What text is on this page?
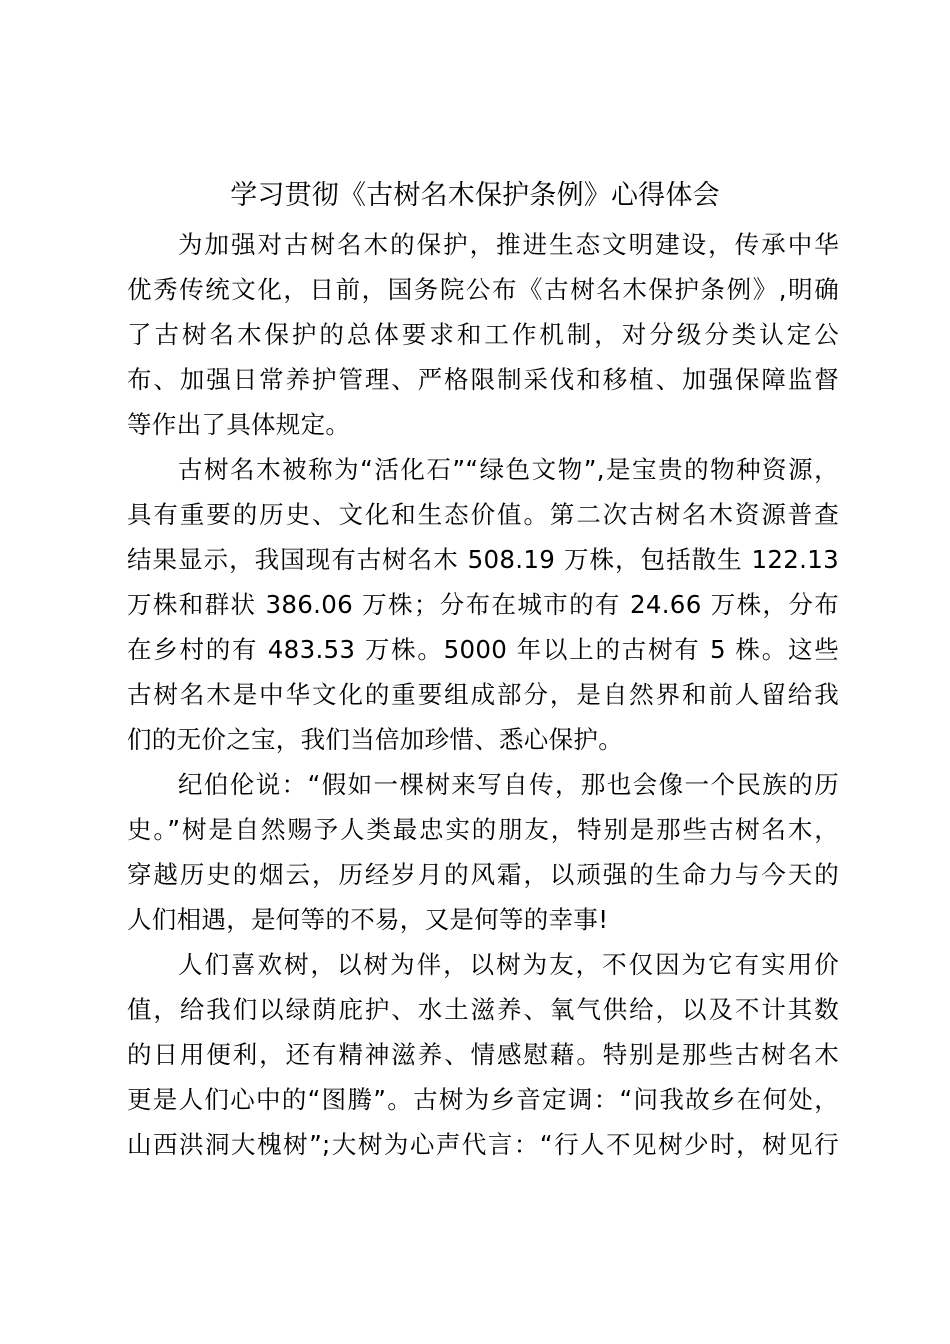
学习贯彻《古树名木保护条例》心得体会
为加强对古树名木的保护，推进生态文明建设，传承中华
优秀传统文化，日前，国务院公布《古树名木保护条例》,明确
了古树名木保护的总体要求和工作机制，对分级分类认定公
布、加强日常养护管理、严格限制采伐和移植、加强保障监督
等作出了具体规定。
古树名木被称为“活化石”“绿色文物”,是宝贵的物种资源，
具有重要的历史、文化和生态价值。第二次古树名木资源普查
结果显示，我国现有古树名木 508.19 万株，包括散生 122.13
万株和群状 386.06 万株；分布在城市的有 24.66 万株，分布
在乡村的有 483.53 万株。5000 年以上的古树有 5 株。这些
古树名木是中华文化的重要组成部分，是自然界和前人留给我
们的无价之宝，我们当倍加珍惜、悉心保护。
纪伯伦说：“假如一棵树来写自传，那也会像一个民族的历
史。”树是自然赐予人类最忠实的朋友，特别是那些古树名木，
穿越历史的烟云，历经岁月的风霜，以顽强的生命力与今天的
人们相遇，是何等的不易，又是何等的幸事!
人们喜欢树，以树为伴，以树为友，不仅因为它有实用价
值，给我们以绿荫庇护、水土滋养、氧气供给，以及不计其数
的日用便利，还有精神滋养、情感慰藉。特别是那些古树名木
更是人们心中的“图腾”。古树为乡音定调：“问我故乡在何处，
山西洪洞大槐树”;大树为心声代言：“行人不见树少时，树见行
